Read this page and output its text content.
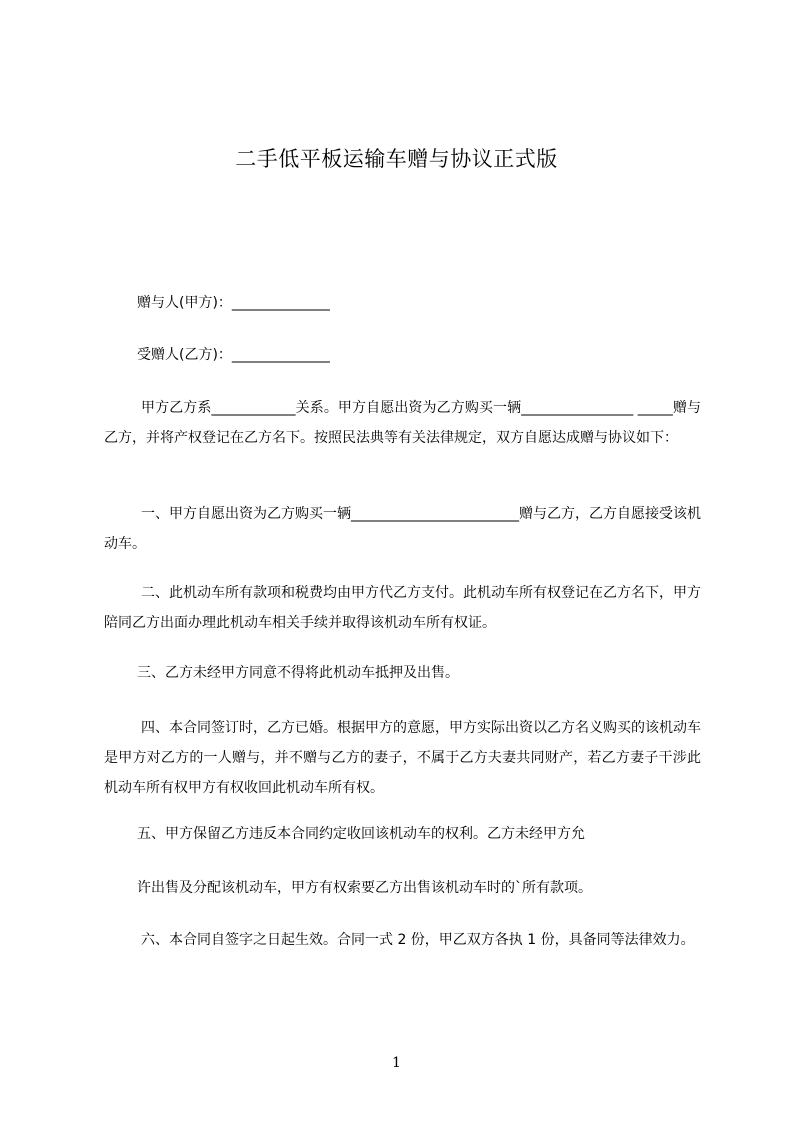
二手低平板运输车赠与协议正式版
赠与人(甲方)：______________
受赠人(乙方)：______________
甲方乙方系____________关系。甲方自愿出资为乙方购买一辆________________ _____赠与乙方，并将产权登记在乙方名下。按照民法典等有关法律规定，双方自愿达成赠与协议如下：
一、甲方自愿出资为乙方购买一辆________________________赠与乙方，乙方自愿接受该机动车。
二、此机动车所有款项和税费均由甲方代乙方支付。此机动车所有权登记在乙方名下，甲方陪同乙方出面办理此机动车相关手续并取得该机动车所有权证。
三、乙方未经甲方同意不得将此机动车抵押及出售。
四、本合同签订时，乙方已婚。根据甲方的意愿，甲方实际出资以乙方名义购买的该机动车是甲方对乙方的一人赠与，并不赠与乙方的妻子，不属于乙方夫妻共同财产，若乙方妻子干涉此机动车所有权甲方有权收回此机动车所有权。
五、甲方保留乙方违反本合同约定收回该机动车的权利。乙方未经甲方允
许出售及分配该机动车，甲方有权索要乙方出售该机动车时的`所有款项。
六、本合同自签字之日起生效。合同一式 2 份，甲乙双方各执 1 份，具备同等法律效力。
1
